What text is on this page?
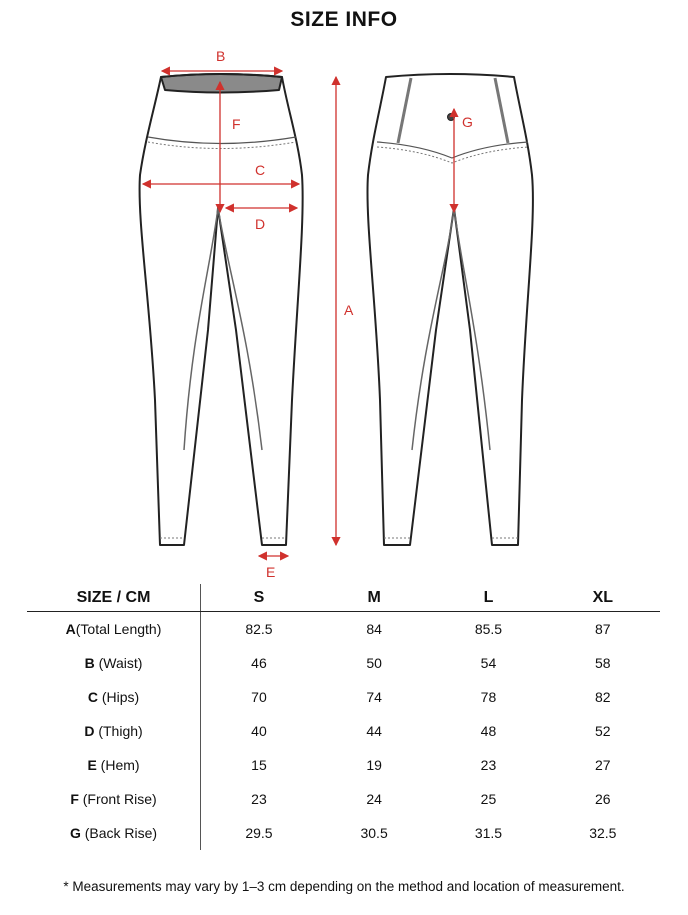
SIZE INFO
B
F
C
D
E
A
G
SIZE / CM	S	M	L	XL
A(Total Length)	82.5	84	85.5	87
B (Waist)	46	50	54	58
C (Hips)	70	74	78	82
D (Thigh)	40	44	48	52
E (Hem)	15	19	23	27
F (Front Rise)	23	24	25	26
G (Back Rise)	29.5	30.5	31.5	32.5
* Measurements may vary by 1–3 cm depending on the method and location of measurement.
